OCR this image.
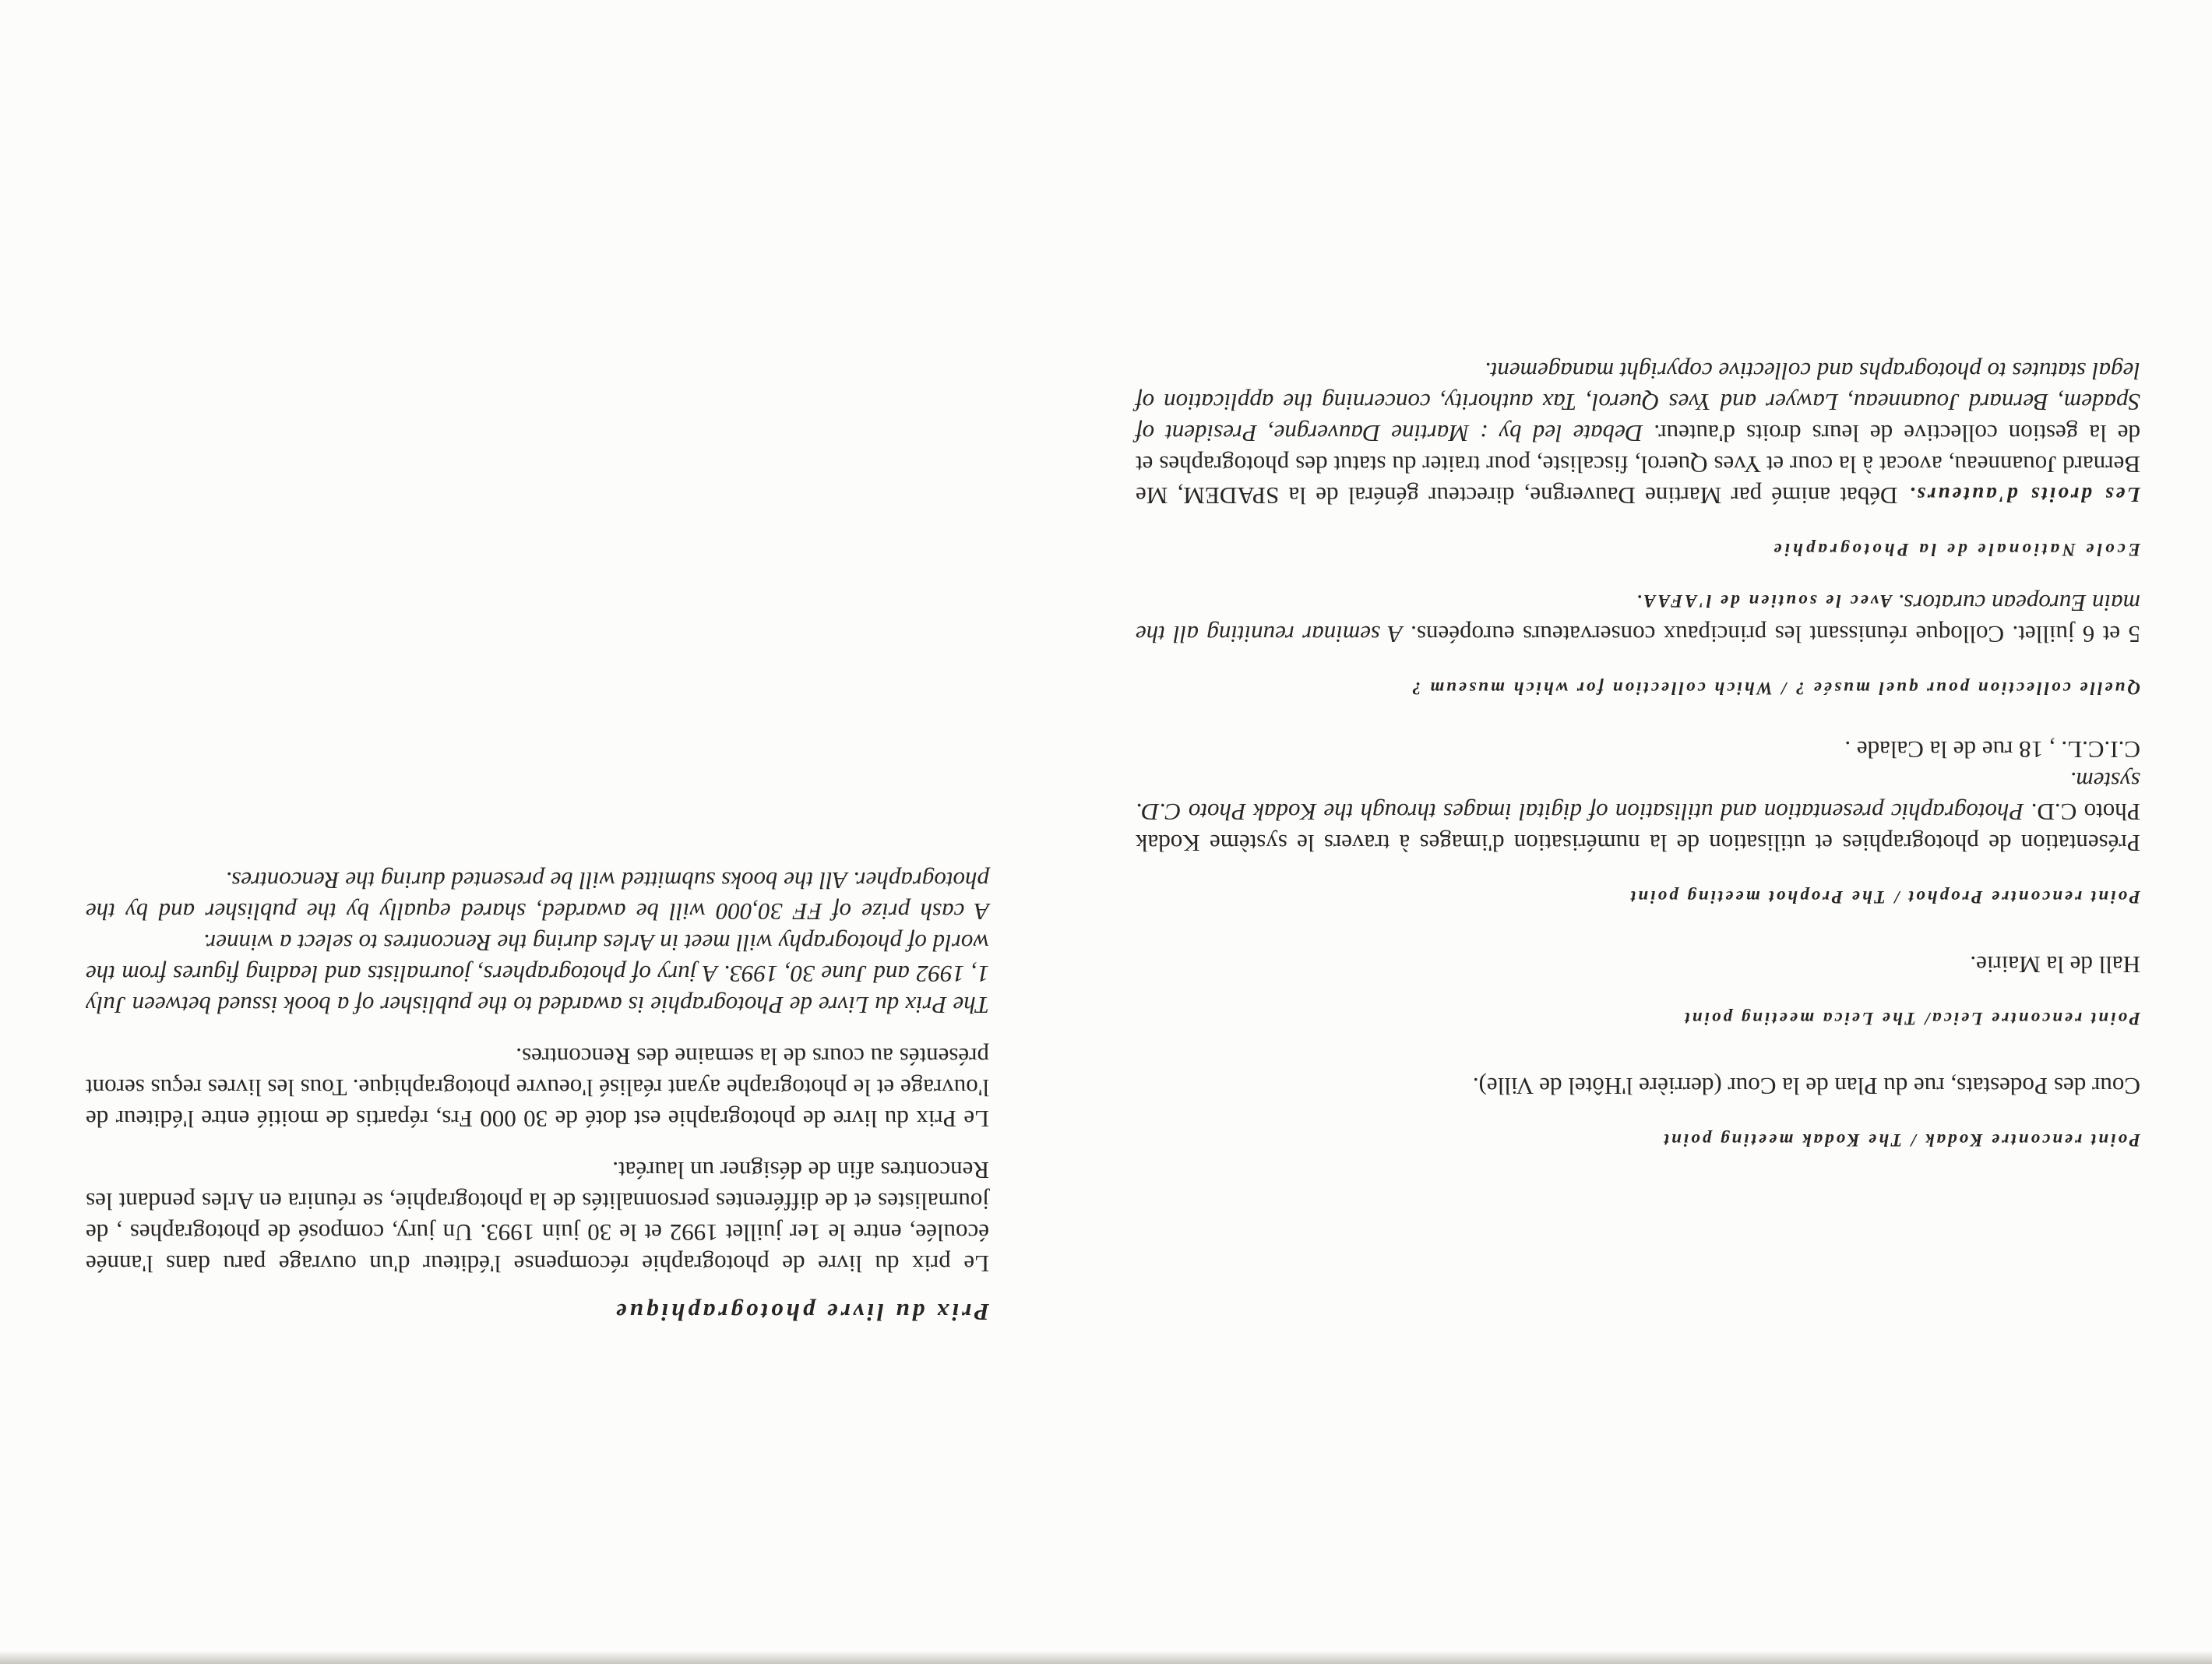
Point rencontre Kodak / The Kodak meeting point

Cour des Podestats, rue du Plan de la Cour (derrière l'Hôtel de Ville).

Point rencontre Leica/ The Leica meeting point

Hall de la Mairie.

Point rencontre Prophot / The Prophot meeting point

Présentation de photographies et utilisation de la numérisation d'images à travers le système Kodak Photo C.D. Photographic presentation and utilisation of digital images through the Kodak Photo C.D. system.

C.I.C.L. , 18 rue de la Calade .

Quelle collection pour quel musée ? / Which collection for which museum ?

5 et 6 juillet. Colloque réunissant les principaux conservateurs européens. A seminar reuniting all the main European curators. Avec le soutien de l'AFAA.

Ecole Nationale de la Photographie

Les droits d'auteurs. Débat animé par Martine Dauvergne, directeur général de la SPADEM, Me Bernard Jouanneau, avocat à la cour et Yves Querol, fiscaliste, pour traiter du statut des photographes et de la gestion collective de leurs droits d'auteur. Debate led by : Martine Dauvergne, President of Spadem, Bernard Jouanneau, Lawyer and Yves Querol, Tax authority, concerning the application of legal statutes to photographs and collective copyright management.

Prix du livre photographique

Le prix du livre de photographie récompense l'éditeur d'un ouvrage paru dans l'année écoulée, entre le 1er juillet 1992 et le 30 juin 1993. Un jury, composé de photographes , de journalistes et de différentes personnalités de la photographie, se réunira en Arles pendant les Rencontres afin de désigner un lauréat.

Le Prix du livre de photographie est doté de 30 000 Frs, répartis de moitié entre l'éditeur de l'ouvrage et le photographe ayant réalisé l'oeuvre photographique. Tous les livres reçus seront présentés au cours de la semaine des Rencontres.

The Prix du Livre de Photographie is awarded to the publisher of a book issued between July 1, 1992 and June 30, 1993. A jury of photographers, journalists and leading figures from the world of photography will meet in Arles during the Rencontres to select a winner.

A cash prize of FF 30,000 will be awarded, shared equally by the publisher and by the photographer. All the books submitted will be presented during the Rencontres.
